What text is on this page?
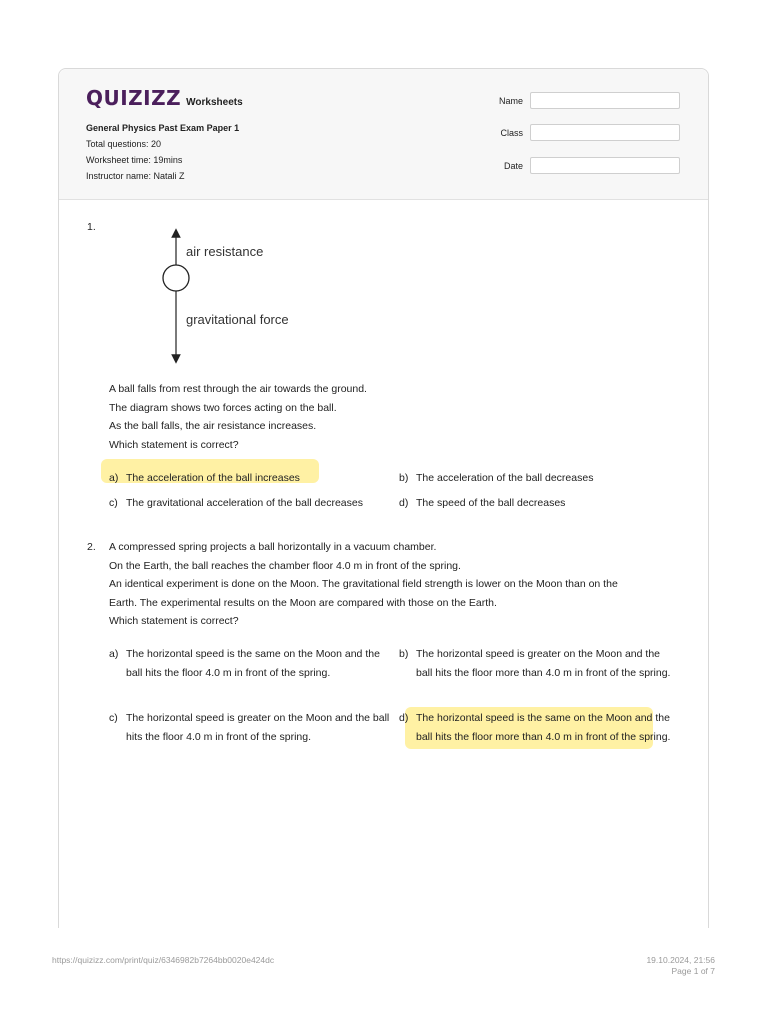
QUIZIZZ Worksheets
General Physics Past Exam Paper 1
Total questions: 20
Worksheet time: 19mins
Instructor name: Natali Z
Name
Class
Date
1.
air resistance
gravitational force
A ball falls from rest through the air towards the ground.
The diagram shows two forces acting on the ball.
As the ball falls, the air resistance increases.
Which statement is correct?
a) The acceleration of the ball increases	b) The acceleration of the ball decreases
c) The gravitational acceleration of the ball decreases	d) The speed of the ball decreases
2. A compressed spring projects a ball horizontally in a vacuum chamber.
On the Earth, the ball reaches the chamber floor 4.0 m in front of the spring.
An identical experiment is done on the Moon. The gravitational field strength is lower on the Moon than on the
Earth. The experimental results on the Moon are compared with those on the Earth.
Which statement is correct?
a) The horizontal speed is the same on the Moon and the ball hits the floor 4.0 m in front of the spring.
b) The horizontal speed is greater on the Moon and the ball hits the floor more than 4.0 m in front of the spring.
c) The horizontal speed is greater on the Moon and the ball hits the floor 4.0 m in front of the spring.
d) The horizontal speed is the same on the Moon and the ball hits the floor more than 4.0 m in front of the spring.
https://quizizz.com/print/quiz/6346982b7264bb0020e424dc	19.10.2024, 21:56
Page 1 of 7
